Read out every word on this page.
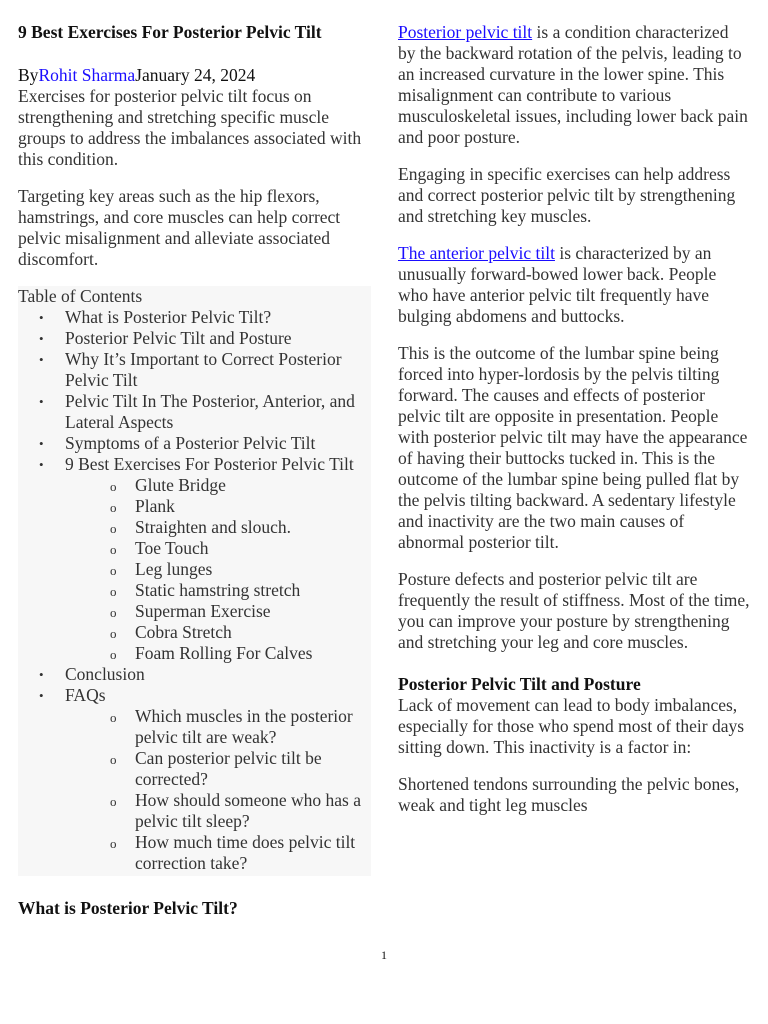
9 Best Exercises For Posterior Pelvic Tilt
ByRohit SharmaJanuary 24, 2024

Exercises for posterior pelvic tilt focus on strengthening and stretching specific muscle groups to address the imbalances associated with this condition.

Targeting key areas such as the hip flexors, hamstrings, and core muscles can help correct pelvic misalignment and alleviate associated discomfort.

Table of Contents
• What is Posterior Pelvic Tilt?
• Posterior Pelvic Tilt and Posture
• Why It’s Important to Correct Posterior Pelvic Tilt
• Pelvic Tilt In The Posterior, Anterior, and Lateral Aspects
• Symptoms of a Posterior Pelvic Tilt
• 9 Best Exercises For Posterior Pelvic Tilt
o Glute Bridge
o Plank
o Straighten and slouch.
o Toe Touch
o Leg lunges
o Static hamstring stretch
o Superman Exercise
o Cobra Stretch
o Foam Rolling For Calves
• Conclusion
• FAQs
o Which muscles in the posterior pelvic tilt are weak?
o Can posterior pelvic tilt be corrected?
o How should someone who has a pelvic tilt sleep?
o How much time does pelvic tilt correction take?
What is Posterior Pelvic Tilt?

Posterior pelvic tilt is a condition characterized by the backward rotation of the pelvis, leading to an increased curvature in the lower spine. This misalignment can contribute to various musculoskeletal issues, including lower back pain and poor posture.

Engaging in specific exercises can help address and correct posterior pelvic tilt by strengthening and stretching key muscles.

The anterior pelvic tilt is characterized by an unusually forward-bowed lower back. People who have anterior pelvic tilt frequently have bulging abdomens and buttocks.

This is the outcome of the lumbar spine being forced into hyper-lordosis by the pelvis tilting forward. The causes and effects of posterior pelvic tilt are opposite in presentation. People with posterior pelvic tilt may have the appearance of having their buttocks tucked in. This is the outcome of the lumbar spine being pulled flat by the pelvis tilting backward. A sedentary lifestyle and inactivity are the two main causes of abnormal posterior tilt.

Posture defects and posterior pelvic tilt are frequently the result of stiffness. Most of the time, you can improve your posture by strengthening and stretching your leg and core muscles.

Posterior Pelvic Tilt and Posture

Lack of movement can lead to body imbalances, especially for those who spend most of their days sitting down. This inactivity is a factor in:

Shortened tendons surrounding the pelvic bones, weak and tight leg muscles

1
